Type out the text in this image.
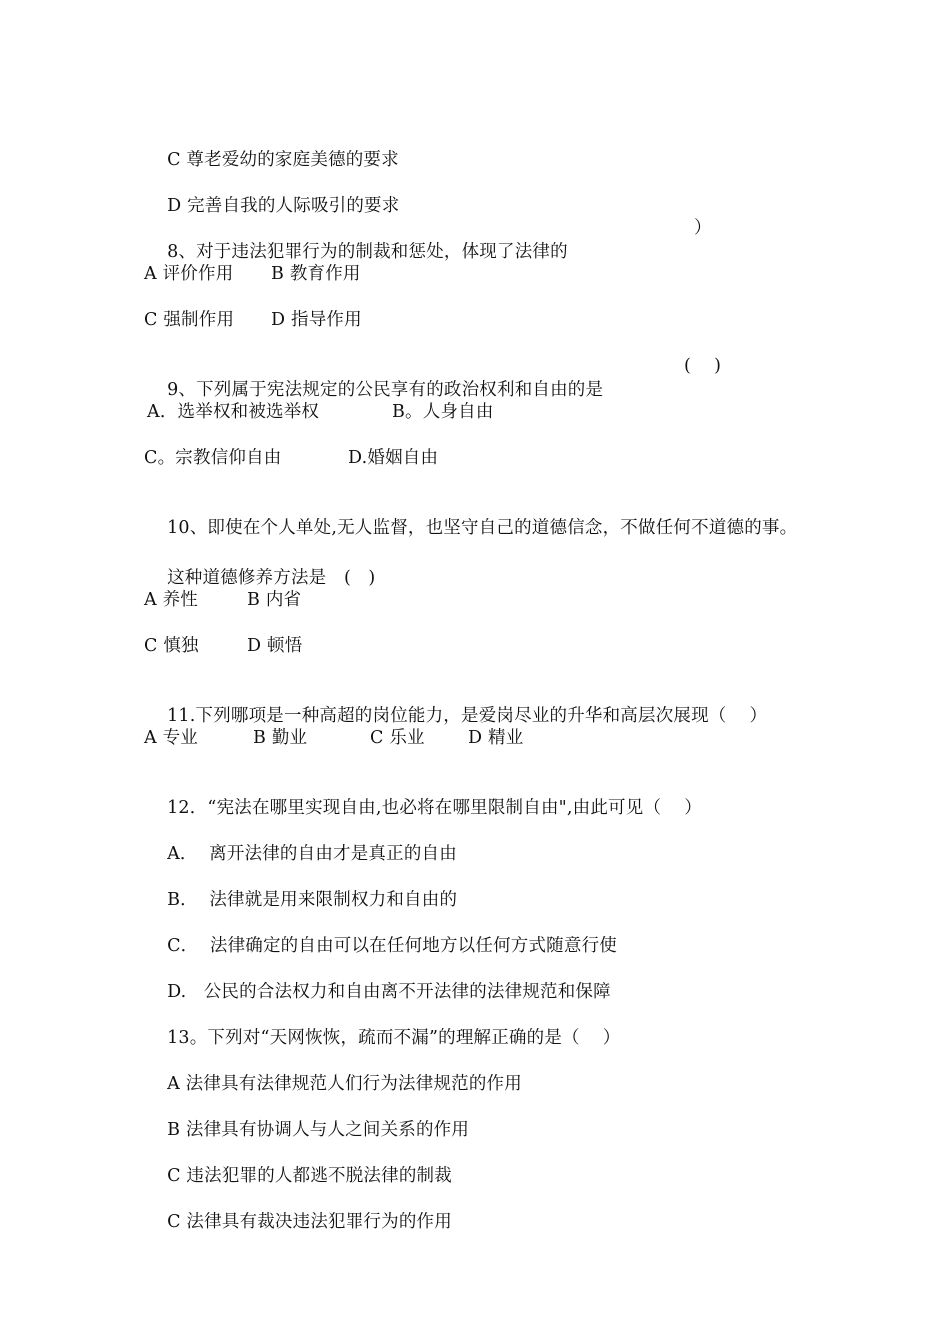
C 尊老爱幼的家庭美德的要求

D 完善自我的人际吸引的要求

8、对于违法犯罪行为的制裁和惩处，体现了法律的

）

A 评价作用

B 教育作用

C 强制作用

D 指导作用

9、下列属于宪法规定的公民享有的政治权利和自由的是

(    )

A．选举权和被选举权

	B。人身自由

C。宗教信仰自由

	D.婚姻自由

10、即使在个人单处,无人监督，也坚守自己的道德信念，不做任何不道德的事。

这种道德修养方法是　(   )

A 养性

	B 内省

C 慎独

	D 顿悟

11.下列哪项是一种高超的岗位能力，是爱岗尽业的升华和高层次展现（    ）

A 专业

	B 勤业

	C 乐业

D 精业

12．“宪法在哪里实现自由,也必将在哪里限制自由",由此可见（    ）

A．  离开法律的自由才是真正的自由

B．  法律就是用来限制权力和自由的

C．  法律确定的自由可以在任何地方以任何方式随意行使

D.   公民的合法权力和自由离不开法律的法律规范和保障

13。下列对“天网恢恢，疏而不漏”的理解正确的是（    ）

A 法律具有法律规范人们行为法律规范的作用

B 法律具有协调人与人之间关系的作用

C 违法犯罪的人都逃不脱法律的制裁

C 法律具有裁决违法犯罪行为的作用
